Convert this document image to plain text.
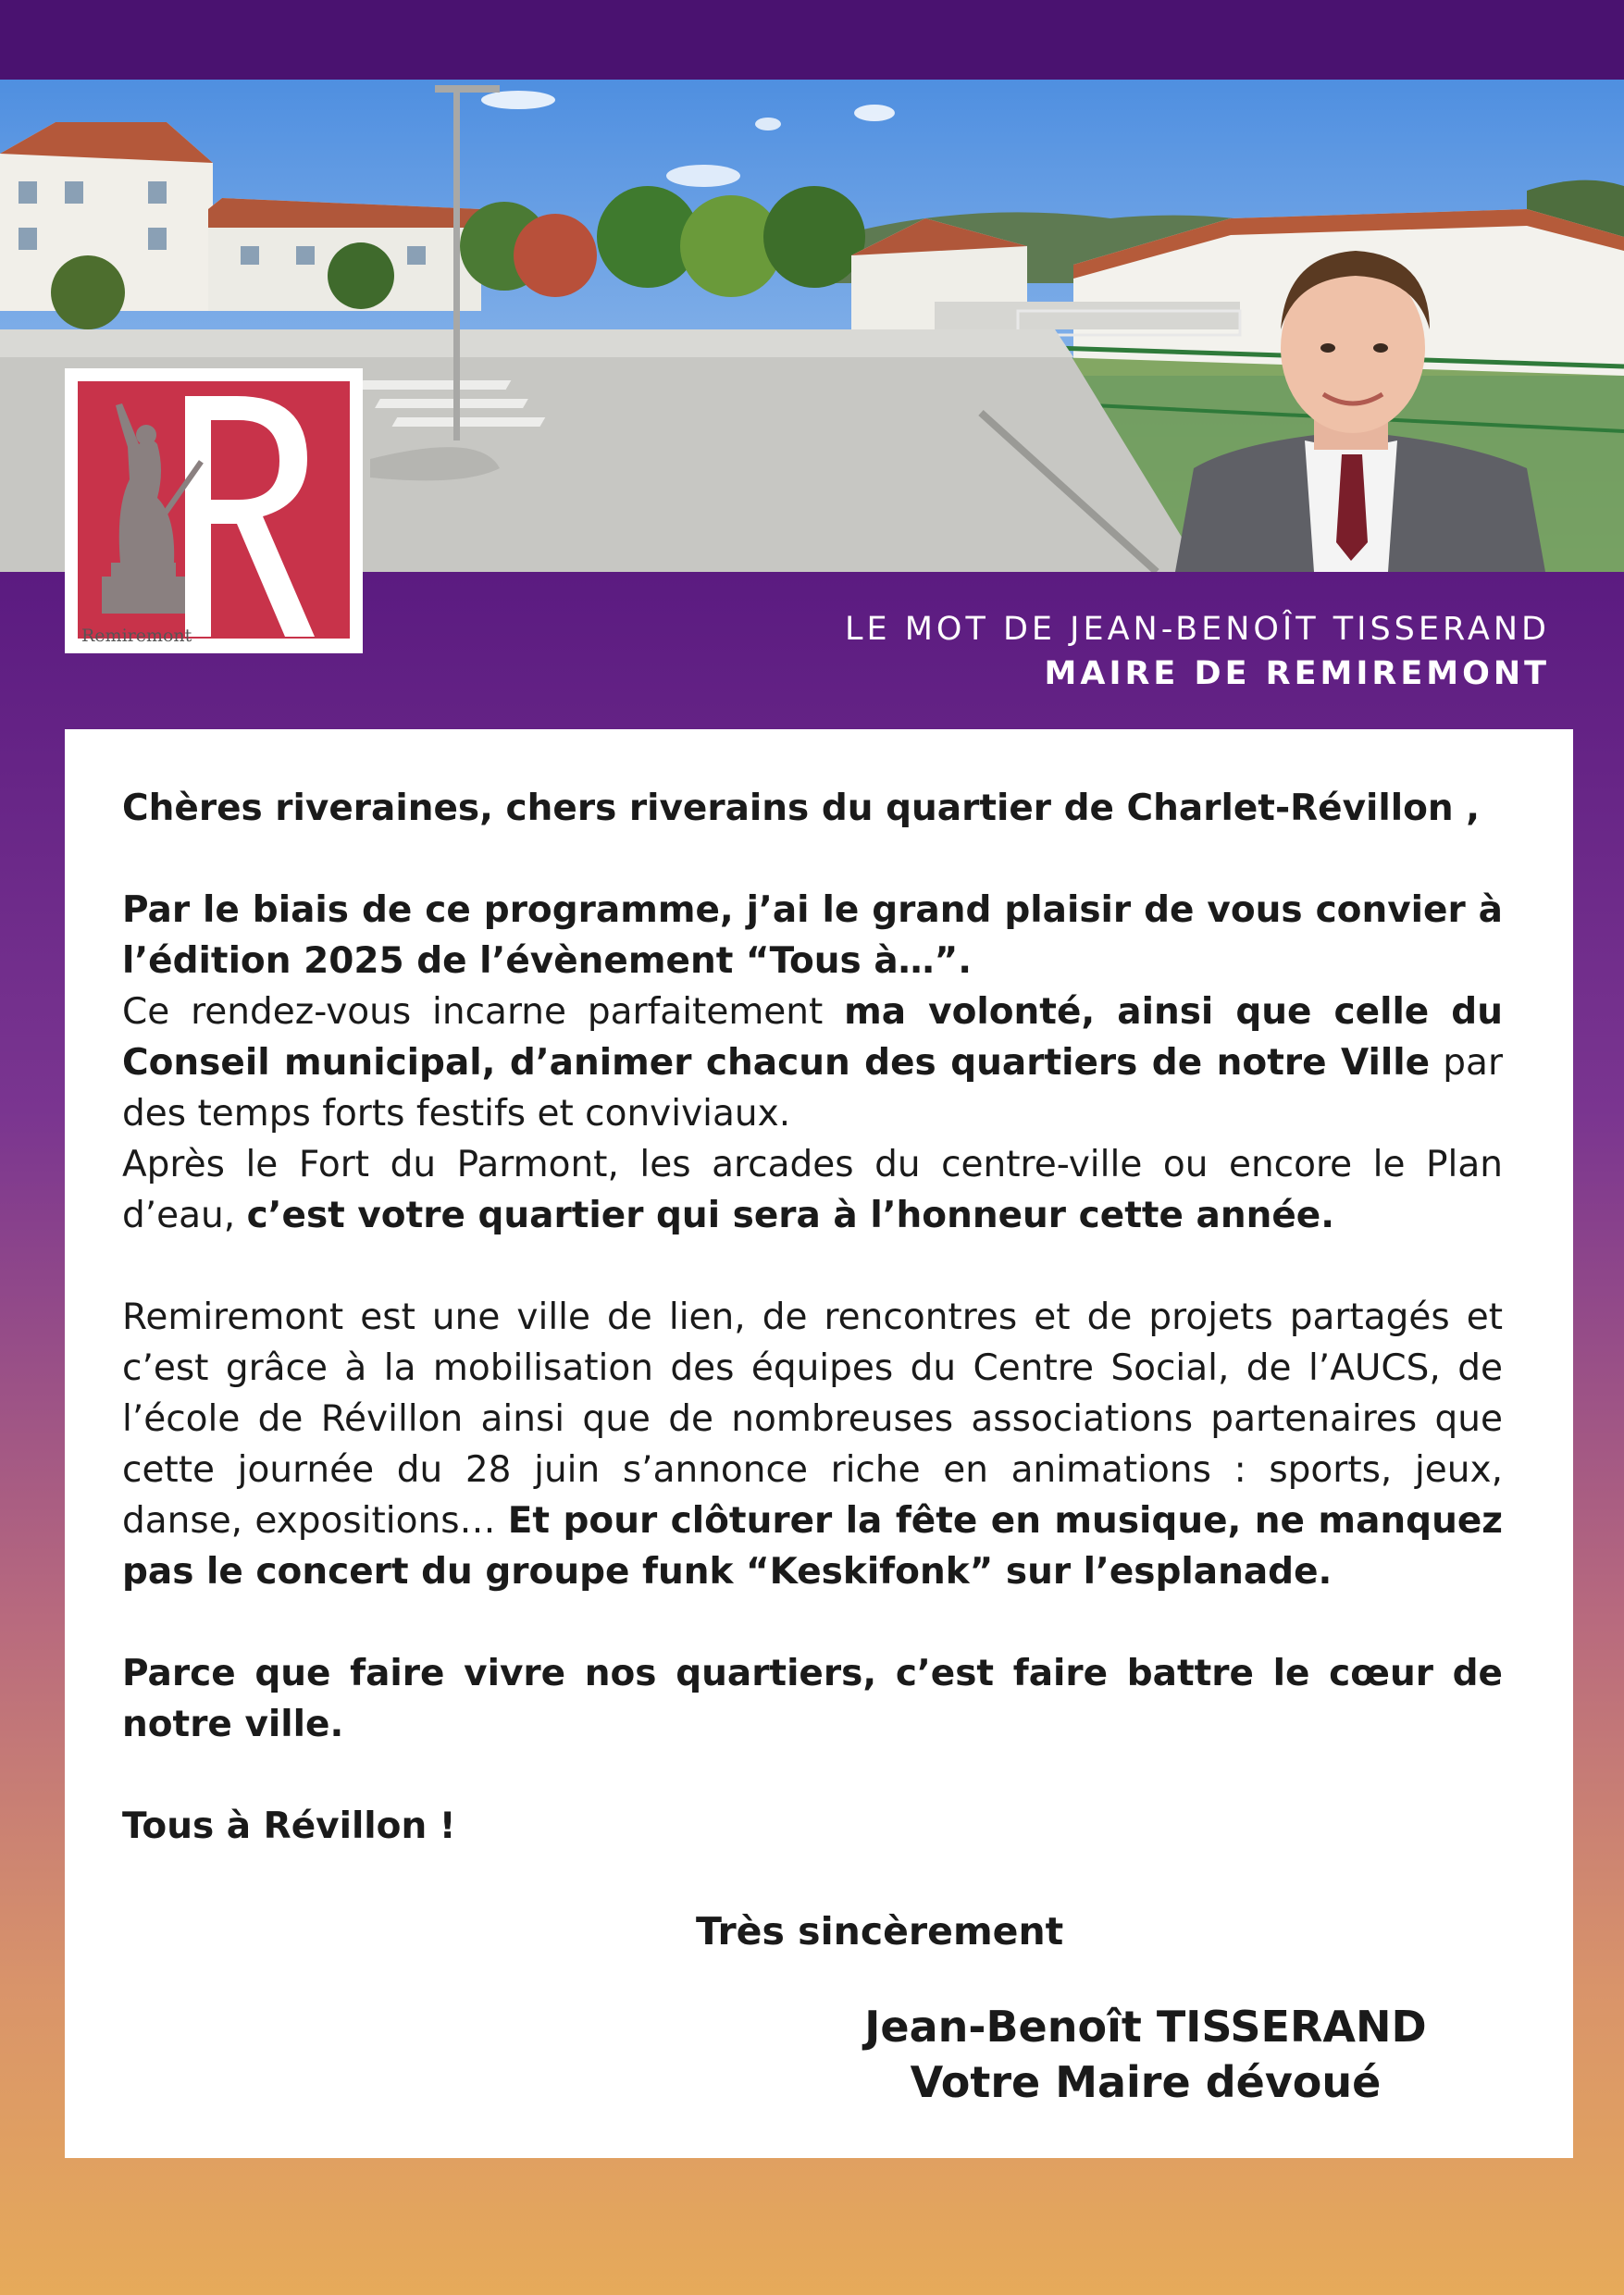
Remiremont	LE MOT DE JEAN-BENOÎT TISSERAND
MAIRE DE REMIREMONT

Chères riveraines, chers riverains du quartier de Charlet-Révillon ,

Par le biais de ce programme, j’ai le grand plaisir de vous convier à l’édition 2025 de l’évènement “Tous à…”.

Ce rendez-vous incarne parfaitement ma volonté, ainsi que celle du Conseil municipal, d’animer chacun des quartiers de notre Ville par des temps forts festifs et conviviaux.

Après le Fort du Parmont, les arcades du centre-ville ou encore le Plan d’eau, c’est votre quartier qui sera à l’honneur cette année.

Remiremont est une ville de lien, de rencontres et de projets partagés et c’est grâce à la mobilisation des équipes du Centre Social, de l’AUCS, de l’école de Révillon ainsi que de nombreuses associations partenaires que cette journée du 28 juin s’annonce riche en animations : sports, jeux, danse, expositions… Et pour clôturer la fête en musique, ne manquez pas le concert du groupe funk “Keskifonk” sur l’esplanade.

Parce que faire vivre nos quartiers, c’est faire battre le cœur de notre ville.

Tous à Révillon !

Très sincèrement
Jean-Benoît TISSERAND
Votre Maire dévoué
